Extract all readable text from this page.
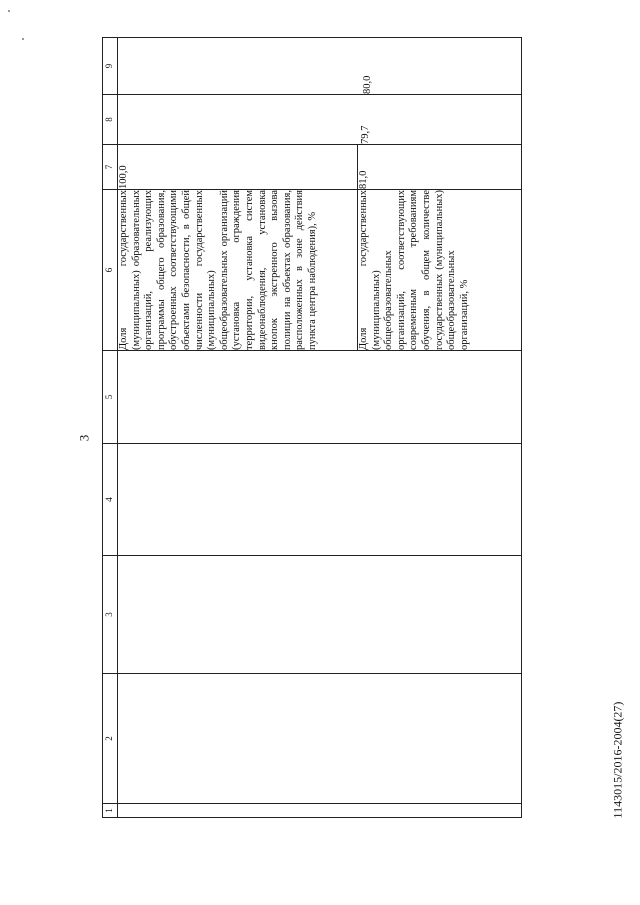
3
1	2	3	4	5	6	7	8	9
					Доля государственных (муниципальных) образовательных организаций, реализующих программы общего образования, обустроенных соответствующими объектами безопасности, в общей численности государственных (муниципальных) общеобразовательных организаций (установка ограждения территории, установка систем видеонаблюдения, установка кнопок экстренного вызова полиции на объектах образования, расположенных в зоне действия пункта центра наблюдения), %	100,0	79,7	80,0

					Доля государственных (муниципальных) общеобразовательных организаций, соответствующих современным требованиям обучения, в общем количестве государственных (муниципальных) общеобразовательных организаций, %	81,0		
1143015/2016-2004(27)
